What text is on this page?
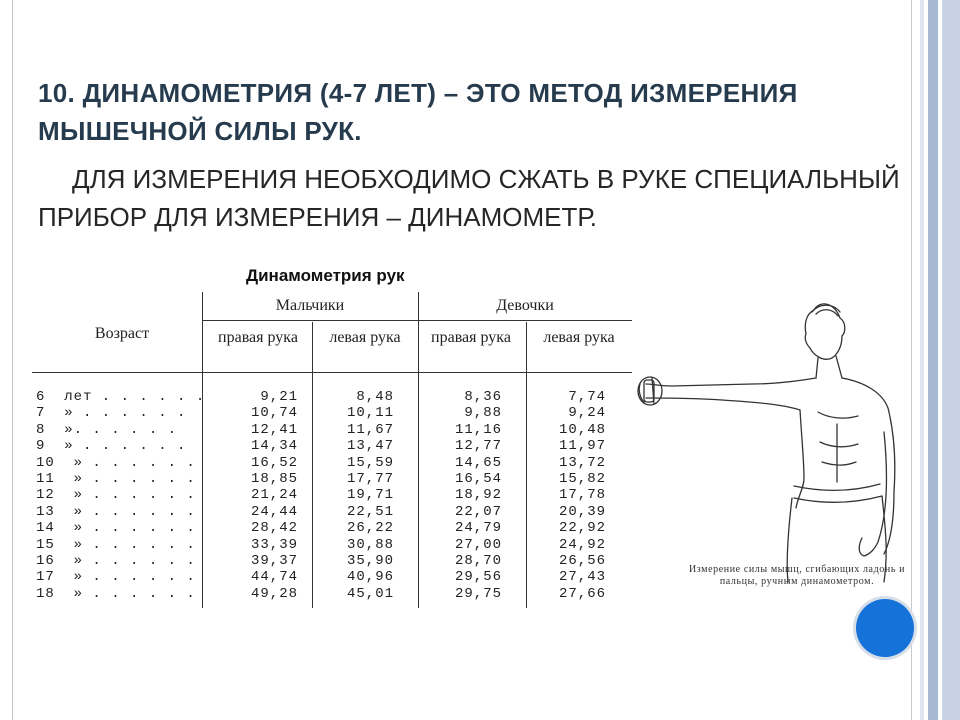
10. ДИНАМОМЕТРИЯ (4-7 ЛЕТ) – ЭТО МЕТОД ИЗМЕРЕНИЯ МЫШЕЧНОЙ СИЛЫ РУК.

ДЛЯ ИЗМЕРЕНИЯ НЕОБХОДИМО СЖАТЬ В РУКЕ СПЕЦИАЛЬНЫЙ ПРИБОР ДЛЯ ИЗМЕРЕНИЯ – ДИНАМОМЕТР.

Динамометрия рук
Возраст
Мальчики	Девочки
правая рука	левая рука	правая рука	левая рука
6  лет . . . . . .	9,21	8,48	8,36	7,74
7  » . . . . . .	10,74	10,11	9,88	9,24
8  ». . . . . .	12,41	11,67	11,16	10,48
9  » . . . . . .	14,34	13,47	12,77	11,97
10  » . . . . . .	16,52	15,59	14,65	13,72
11  » . . . . . .	18,85	17,77	16,54	15,82
12  » . . . . . .	21,24	19,71	18,92	17,78
13  » . . . . . .	24,44	22,51	22,07	20,39
14  » . . . . . .	28,42	26,22	24,79	22,92
15  » . . . . . .	33,39	30,88	27,00	24,92
16  » . . . . . .	39,37	35,90	28,70	26,56
17  » . . . . . .	44,74	40,96	29,56	27,43
18  » . . . . . .	49,28	45,01	29,75	27,66
Измерение силы мышц, сгибающих ладонь и пальцы, ручным динамометром.
